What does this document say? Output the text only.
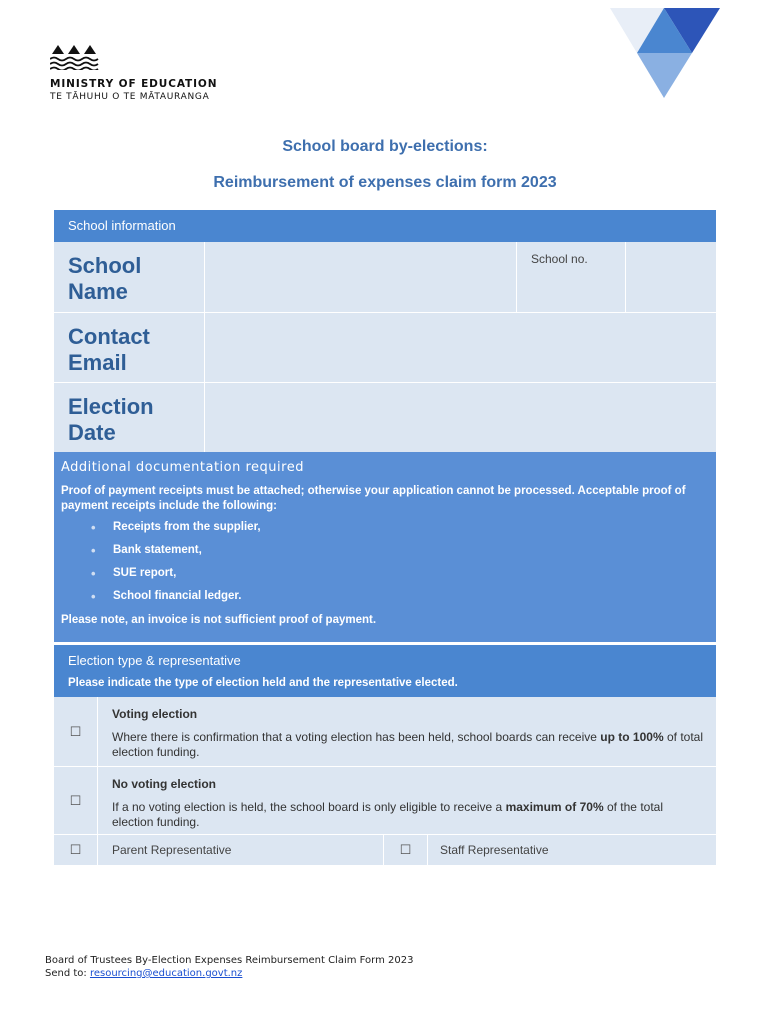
MINISTRY OF EDUCATION
TE TĀHUHU O TE MĀTAURANGA
School board by-elections:
Reimbursement of expenses claim form 2023
School information
School Name
School no.
Contact Email
Election Date
Additional documentation required
Proof of payment receipts must be attached; otherwise your application cannot be processed. Acceptable proof of payment receipts include the following:
• Receipts from the supplier,
• Bank statement,
• SUE report,
• School financial ledger.
Please note, an invoice is not sufficient proof of payment.
Election type & representative
Please indicate the type of election held and the representative elected.
☐
Voting election
Where there is confirmation that a voting election has been held, school boards can receive up to 100% of total election funding.
☐
No voting election
If a no voting election is held, the school board is only eligible to receive a maximum of 70% of the total election funding.
☐	Parent Representative	☐	Staff Representative
Board of Trustees By-Election Expenses Reimbursement Claim Form 2023
Send to: resourcing@education.govt.nz
